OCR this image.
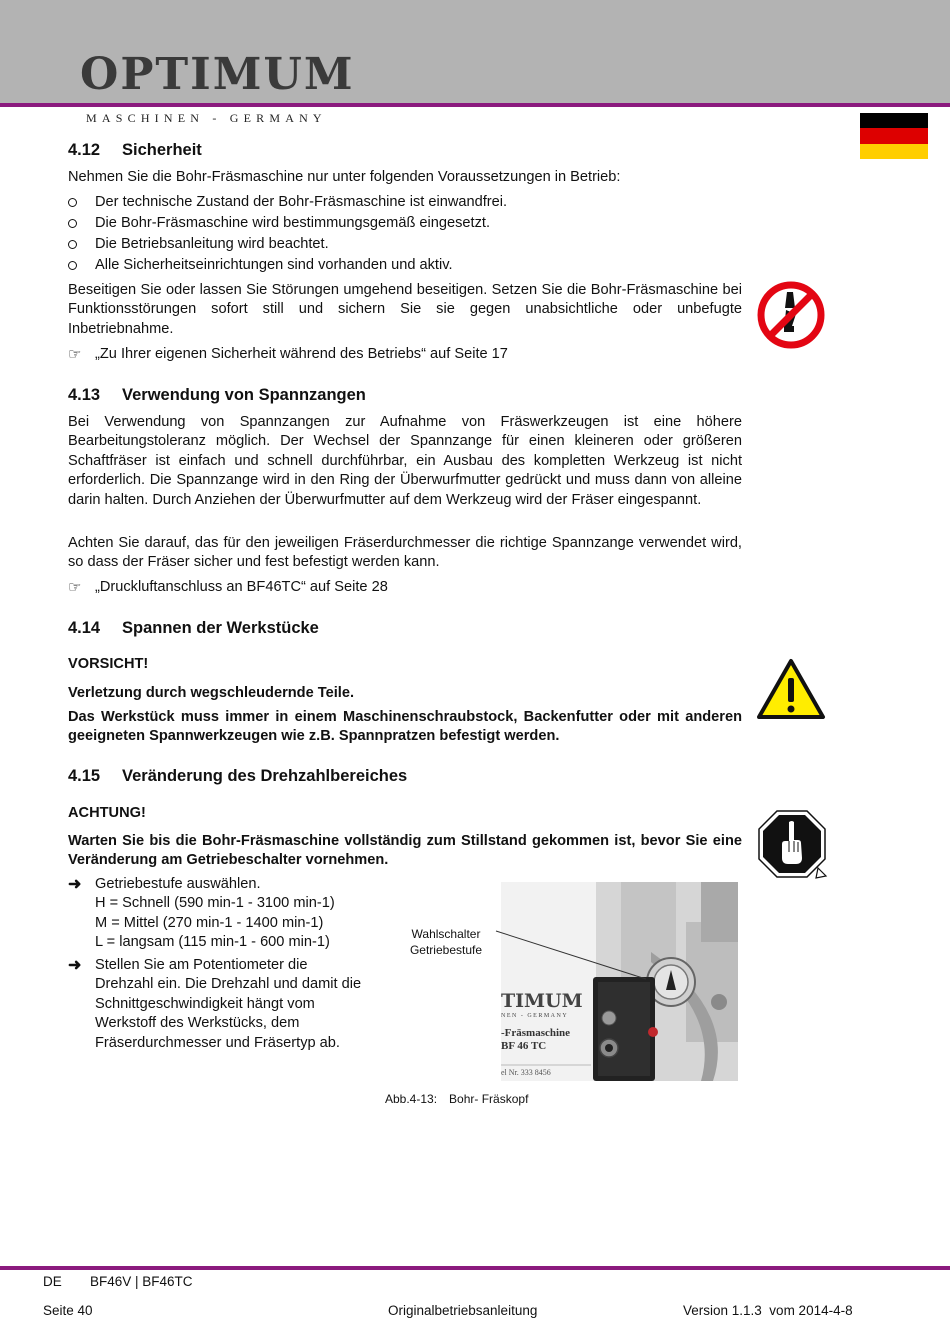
OPTIMUM
MASCHINEN - GERMANY
4.12 Sicherheit
Nehmen Sie die Bohr-Fräsmaschine nur unter folgenden Voraussetzungen in Betrieb:
Der technische Zustand der Bohr-Fräsmaschine ist einwandfrei.
Die Bohr-Fräsmaschine wird bestimmungsgemäß eingesetzt.
Die Betriebsanleitung wird beachtet.
Alle Sicherheitseinrichtungen sind vorhanden und aktiv.
Beseitigen Sie oder lassen Sie Störungen umgehend beseitigen. Setzen Sie die Bohr-Fräsmaschine bei Funktionsstörungen sofort still und sichern Sie sie gegen unabsichtliche oder unbefugte Inbetriebnahme.
☞ „Zu Ihrer eigenen Sicherheit während des Betriebs“ auf Seite 17
4.13 Verwendung von Spannzangen
Bei Verwendung von Spannzangen zur Aufnahme von Fräswerkzeugen ist eine höhere Bearbeitungstoleranz möglich. Der Wechsel der Spannzange für einen kleineren oder größeren Schaftfräser ist einfach und schnell durchführbar, ein Ausbau des kompletten Werkzeug ist nicht erforderlich. Die Spannzange wird in den Ring der Überwurfmutter gedrückt und muss dann von alleine darin halten. Durch Anziehen der Überwurfmutter auf dem Werkzeug wird der Fräser eingespannt.
Achten Sie darauf, das für den jeweiligen Fräserdurchmesser die richtige Spannzange verwendet wird, so dass der Fräser sicher und fest befestigt werden kann.
☞ „Druckluftanschluss an BF46TC“ auf Seite 28
4.14 Spannen der Werkstücke
VORSICHT!
Verletzung durch wegschleudernde Teile.
Das Werkstück muss immer in einem Maschinenschraubstock, Backenfutter oder mit anderen geeigneten Spannwerkzeugen wie z.B. Spannpratzen befestigt werden.
4.15 Veränderung des Drehzahlbereiches
ACHTUNG!
Warten Sie bis die Bohr-Fräsmaschine vollständig zum Stillstand gekommen ist, bevor Sie eine Veränderung am Getriebeschalter vornehmen.
➜ Getriebestufe auswählen.
H = Schnell (590 min-1 - 3100 min-1)
M = Mittel (270 min-1 - 1400 min-1)
L = langsam (115 min-1 - 600 min-1)
➜ Stellen Sie am Potentiometer die Drehzahl ein. Die Drehzahl und damit die Schnittgeschwindigkeit hängt vom Werkstoff des Werkstücks, dem Fräserdurchmesser und Fräsertyp ab.
TIMUM
NEN - GERMANY
-Fräsmaschine
BF 46 TC
el Nr. 333 8456
Wahlschalter Getriebestufe
Abb.4-13: Bohr- Fräskopf
DE BF46V | BF46TC
Seite 40	Originalbetriebsanleitung	Version 1.1.3  vom 2014-4-8
